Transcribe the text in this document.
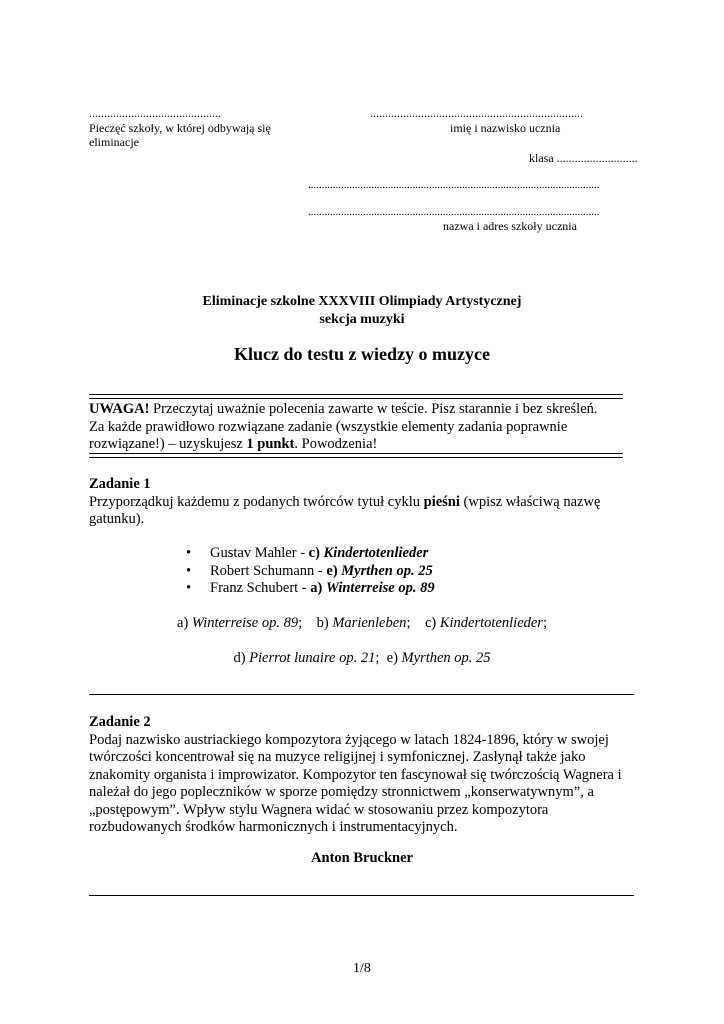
............................................
Pieczęć szkoły, w której odbywają się
eliminacje
.......................................................................
imię i nazwisko ucznia
klasa ...........................
..........................................................................................................
..........................................................................................................
nazwa i adres szkoły ucznia
Eliminacje szkolne XXXVIII Olimpiady Artystycznej
sekcja muzyki
Klucz do testu z wiedzy o muzyce
UWAGA! Przeczytaj uważnie polecenia zawarte w teście. Pisz starannie i bez skreśleń.
Za każde prawidłowo rozwiązane zadanie (wszystkie elementy zadania poprawnie
rozwiązane!) – uzyskujesz 1 punkt. Powodzenia!
Zadanie 1
Przyporządkuj każdemu z podanych twórców tytuł cyklu pieśni (wpisz właściwą nazwę
gatunku).
• Gustav Mahler - c) Kindertotenlieder
• Robert Schumann - e) Myrthen op. 25
• Franz Schubert - a) Winterreise op. 89
a) Winterreise op. 89;    b) Marienleben;    c) Kindertotenlieder;
d) Pierrot lunaire op. 21;  e) Myrthen op. 25
Zadanie 2
Podaj nazwisko austriackiego kompozytora żyjącego w latach 1824-1896, który w swojej
twórczości koncentrował się na muzyce religijnej i symfonicznej. Zasłynął także jako
znakomity organista i improwizator. Kompozytor ten fascynował się twórczością Wagnera i
należał do jego popleczników w sporze pomiędzy stronnictwem „konserwatywnym”, a
„postępowym”. Wpływ stylu Wagnera widać w stosowaniu przez kompozytora
rozbudowanych środków harmonicznych i instrumentacyjnych.
Anton Bruckner
1/8
